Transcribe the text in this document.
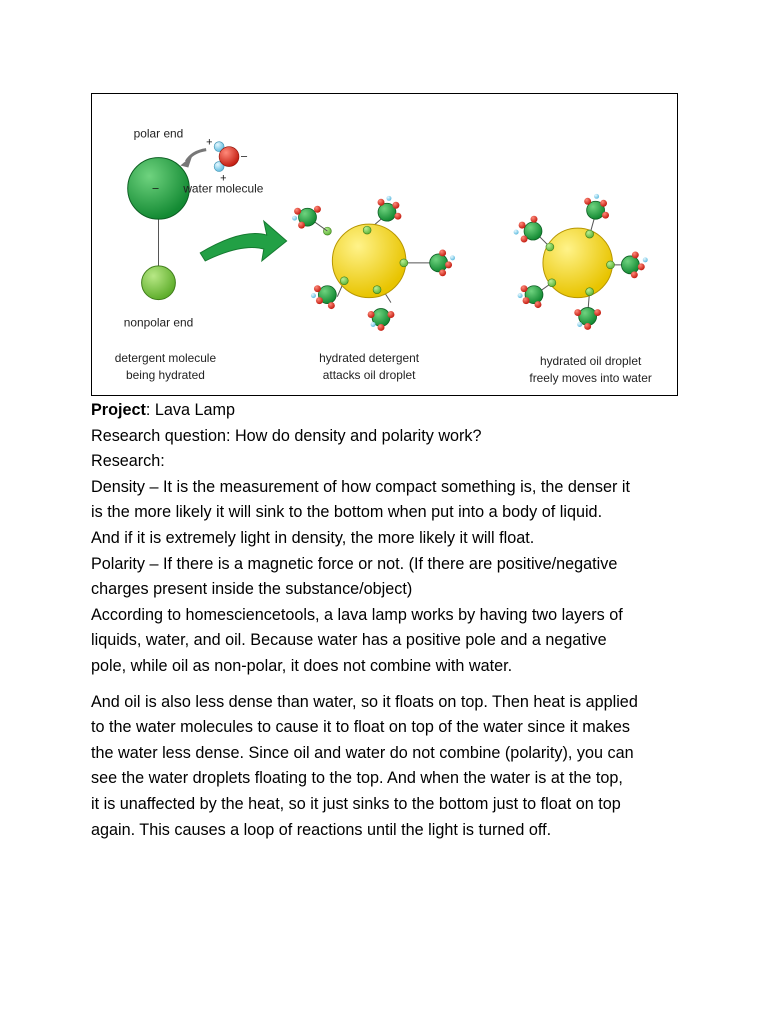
polar end
–
nonpolar end
+
+
–
water molecule
detergent molecule
being hydrated
hydrated detergent
attacks oil droplet
hydrated oil droplet
freely moves into water

Project: Lava Lamp

Research question: How do density and polarity work?

Research:

Density – It is the measurement of how compact something is, the denser it

is the more likely it will sink to the bottom when put into a body of liquid.

And if it is extremely light in density, the more likely it will float.

Polarity – If there is a magnetic force or not. (If there are positive/negative

charges present inside the substance/object)

According to homesciencetools, a lava lamp works by having two layers of

liquids, water, and oil. Because water has a positive pole and a negative

pole, while oil as non-polar, it does not combine with water.

And oil is also less dense than water, so it floats on top. Then heat is applied

to the water molecules to cause it to float on top of the water since it makes

the water less dense. Since oil and water do not combine (polarity), you can

see the water droplets floating to the top. And when the water is at the top,

it is unaffected by the heat, so it just sinks to the bottom just to float on top

again. This causes a loop of reactions until the light is turned off.
